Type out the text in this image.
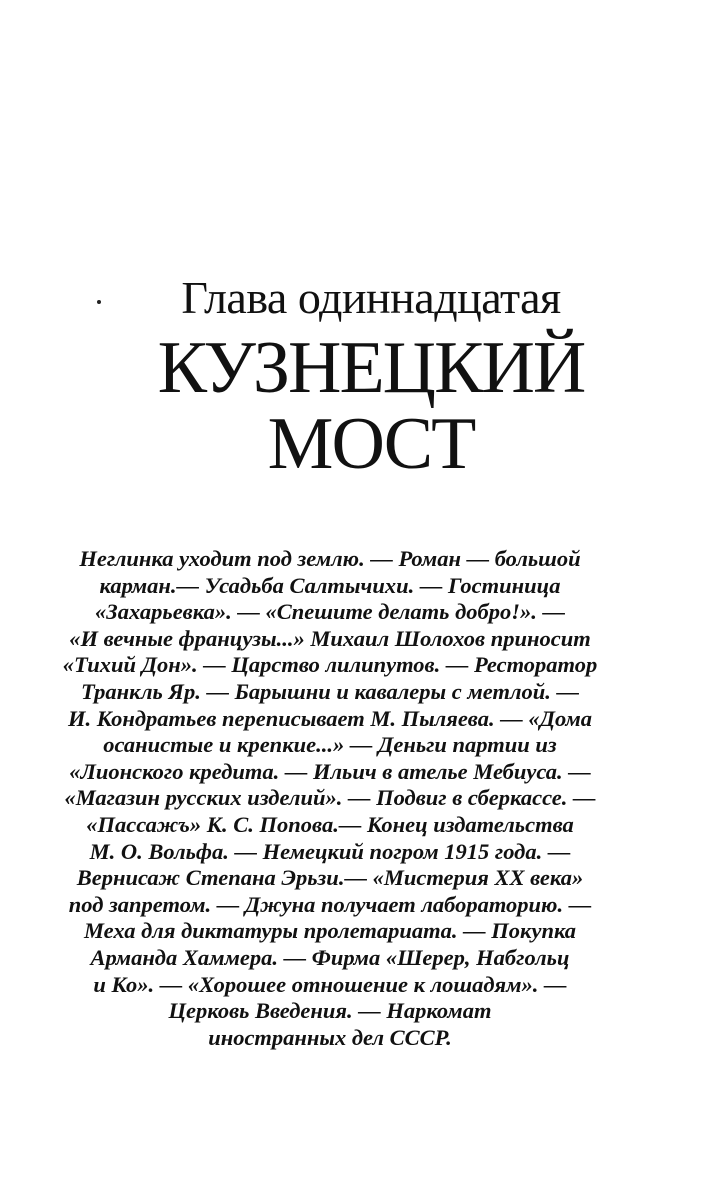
Глава одиннадцатая
КУЗНЕЦКИЙ
МОСТ
Неглинка уходит под землю. — Роман — большой
карман.— Усадьба Салтычихи. — Гостиница
«Захарьевка». — «Спешите делать добро!». —
«И вечные французы...» Михаил Шолохов приносит
«Тихий Дон». — Царство лилипутов. — Ресторатор
Транкль Яр. — Барышни и кавалеры с метлой. —
И. Кондратьев переписывает М. Пыляева. — «Дома
осанистые и крепкие...» — Деньги партии из
«Лионского кредита. — Ильич в ателье Мебиуса. —
«Магазин русских изделий». — Подвиг в сберкассе. —
«Пассажъ» К. С. Попова.— Конец издательства
М. О. Вольфа. — Немецкий погром 1915 года. —
Вернисаж Степана Эрьзи.— «Мистерия XX века»
под запретом. — Джуна получает лабораторию. —
Меха для диктатуры пролетариата. — Покупка
Арманда Хаммера. — Фирма «Шерер, Набгольц
и Ко». — «Хорошее отношение к лошадям». —
Церковь Введения. — Наркомат
иностранных дел СССР.
